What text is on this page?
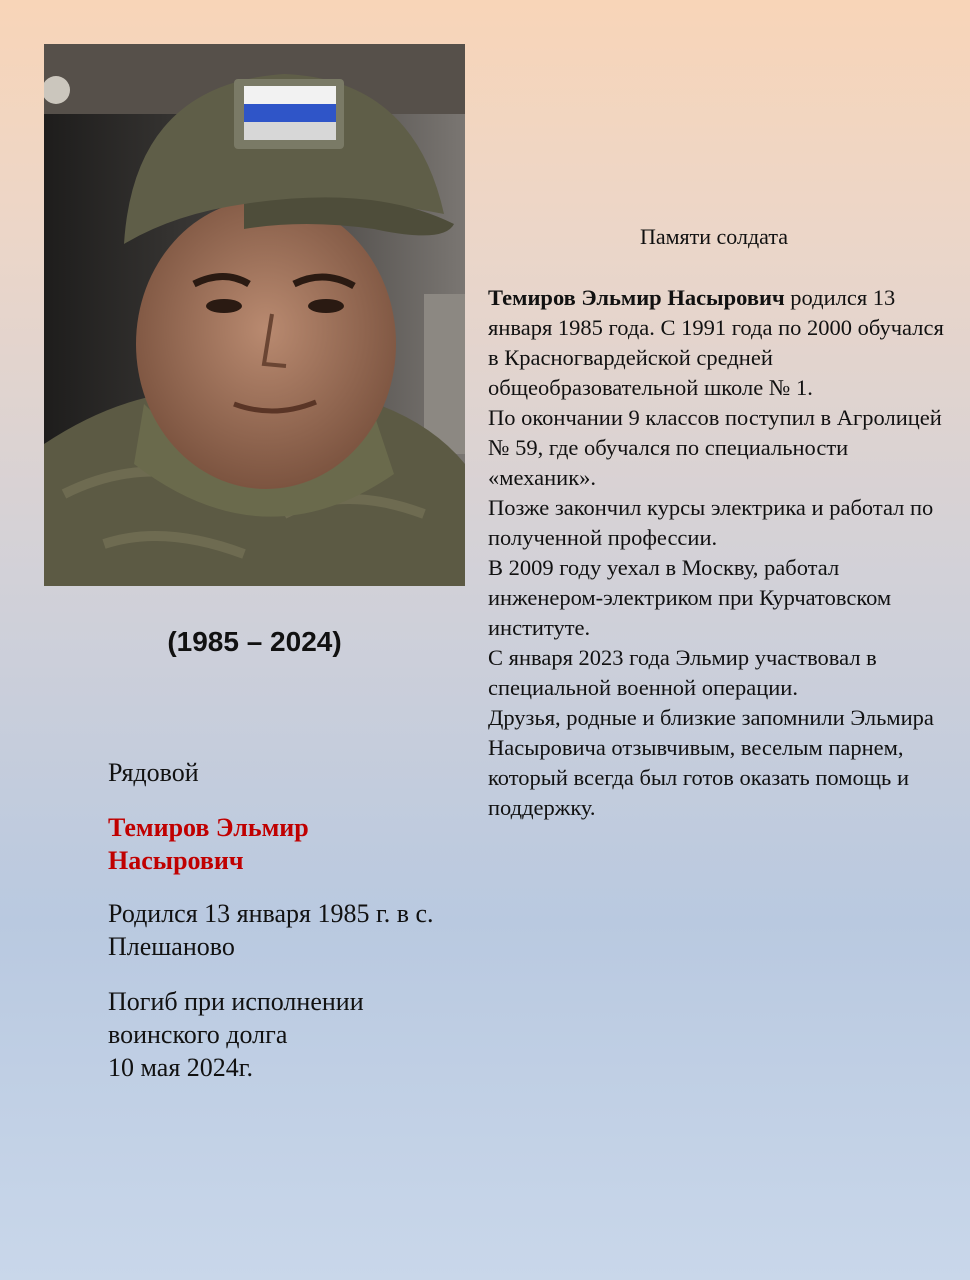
(1985 – 2024)

Рядовой

Темиров Эльмир Насырович

Родился 13 января 1985 г. в с. Плешаново

Погиб при исполнении воинского долга
10 мая 2024г.

Памяти солдата

Темиров Эльмир Насырович родился 13 января 1985 года. С 1991 года по 2000 обучался в Красногвардейской средней общеобразовательной школе № 1.

По окончании 9 классов поступил в Агролицей № 59, где обучался по специальности «механик».

Позже закончил курсы электрика и работал по полученной профессии.

В 2009 году уехал в Москву, работал инженером-электриком при Курчатовском институте.

С января 2023 года Эльмир участвовал в специальной военной операции.

Друзья, родные и близкие запомнили Эльмира Насыровича отзывчивым, веселым парнем, который всегда был готов оказать помощь и поддержку.
